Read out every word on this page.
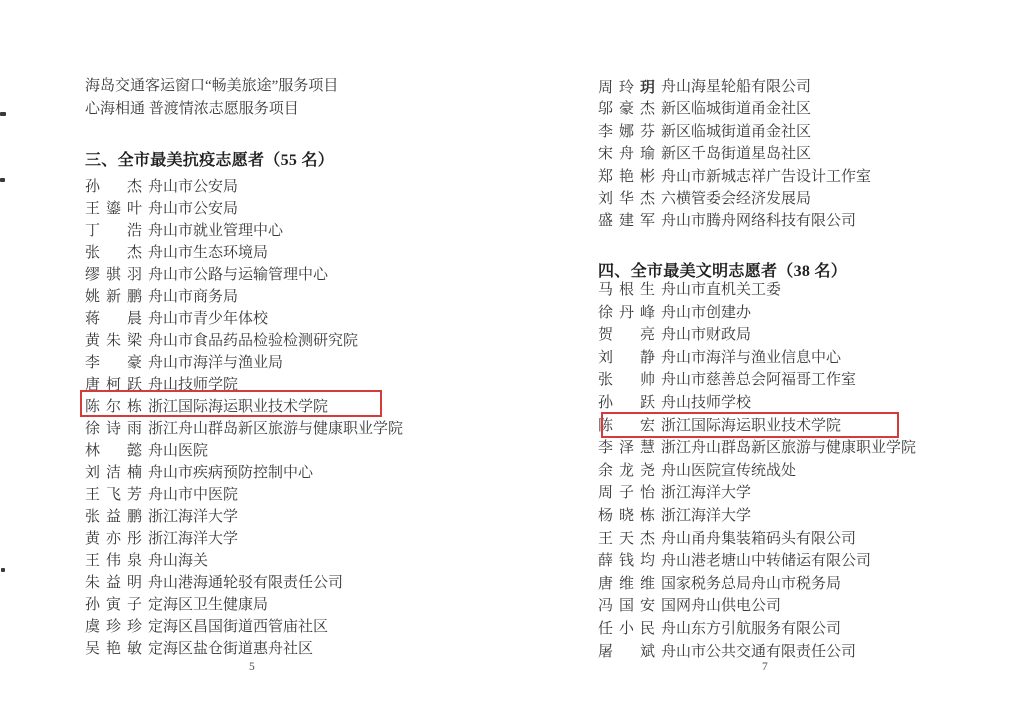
海岛交通客运窗口“畅美旅途”服务项目
心海相通 普渡情浓志愿服务项目
三、全市最美抗疫志愿者（55 名）
孙　杰 舟山市公安局
王鎏叶 舟山市公安局
丁　浩 舟山市就业管理中心
张　杰 舟山市生态环境局
缪骐羽 舟山市公路与运输管理中心
姚新鹏 舟山市商务局
蒋　晨 舟山市青少年体校
黄朱梁 舟山市食品药品检验检测研究院
李　豪 舟山市海洋与渔业局
唐柯跃 舟山技师学院
陈尔栋 浙江国际海运职业技术学院
徐诗雨 浙江舟山群岛新区旅游与健康职业学院
林　懿 舟山医院
刘洁楠 舟山市疾病预防控制中心
王飞芳 舟山市中医院
张益鹏 浙江海洋大学
黄亦彤 浙江海洋大学
王伟泉 舟山海关
朱益明 舟山港海通轮驳有限责任公司
孙寅子 定海区卫生健康局
虞珍珍 定海区昌国街道西管庙社区
吴艳敏 定海区盐仓街道惠舟社区
四、全市最美文明志愿者（38 名）
周玲玥 舟山海星轮船有限公司
邬豪杰 新区临城街道甬金社区
李娜芬 新区临城街道甬金社区
宋舟瑜 新区千岛街道星岛社区
郑艳彬 舟山市新城志祥广告设计工作室
刘华杰 六横管委会经济发展局
盛建军 舟山市腾舟网络科技有限公司
马根生 舟山市直机关工委
徐丹峰 舟山市创建办
贺　亮 舟山市财政局
刘　静 舟山市海洋与渔业信息中心
张　帅 舟山市慈善总会阿福哥工作室
孙　跃 舟山技师学校
陈　宏 浙江国际海运职业技术学院
李泽慧 浙江舟山群岛新区旅游与健康职业学院
余龙尧 舟山医院宣传统战处
周子怡 浙江海洋大学
杨晓栋 浙江海洋大学
王天杰 舟山甬舟集装箱码头有限公司
薛钱均 舟山港老塘山中转储运有限公司
唐维维 国家税务总局舟山市税务局
冯国安 国网舟山供电公司
任小民 舟山东方引航服务有限公司
屠　斌 舟山市公共交通有限责任公司
5	7
